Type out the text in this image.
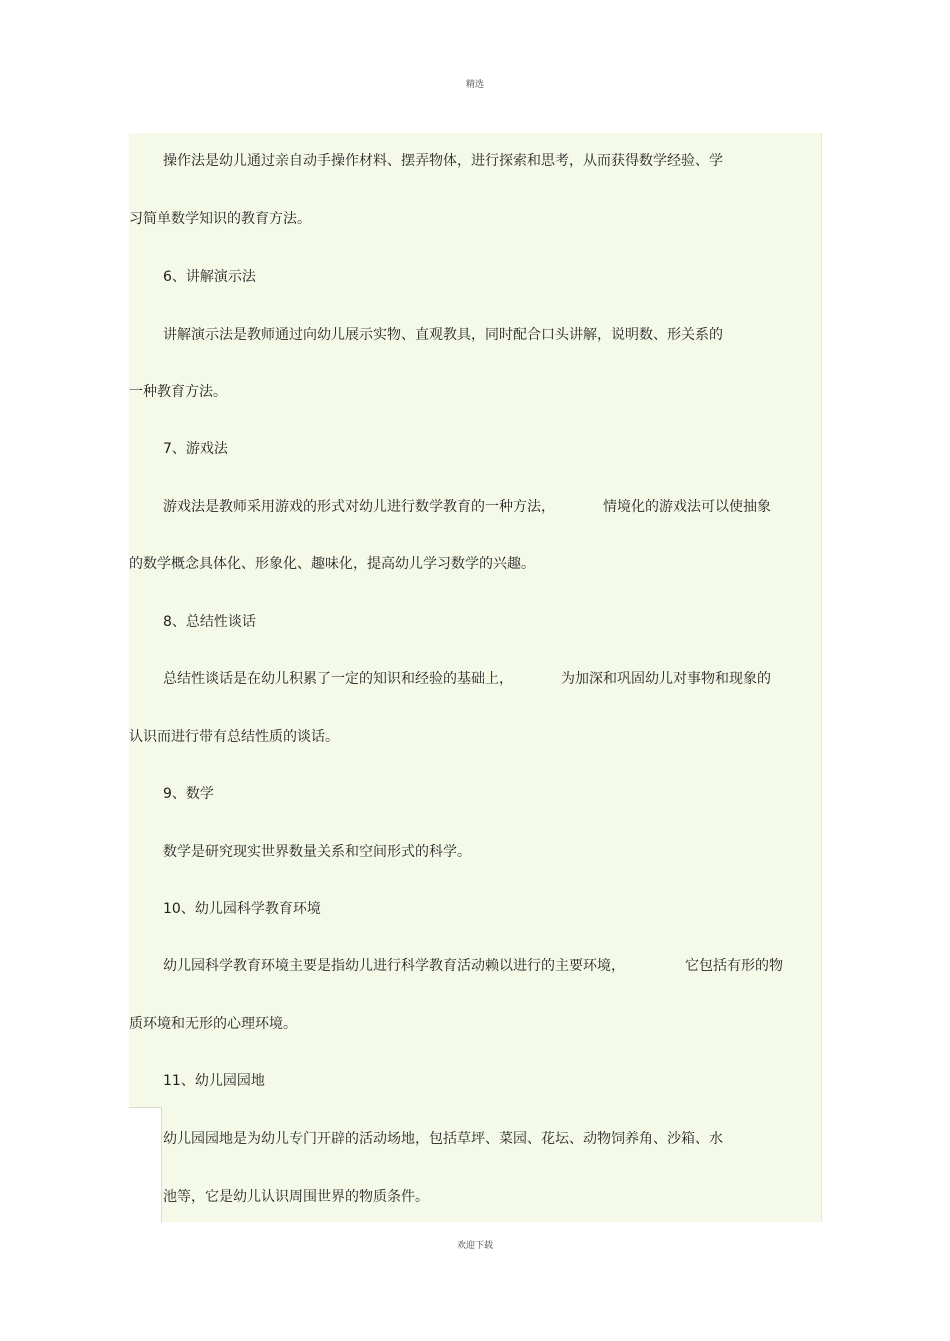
精选
操作法是幼儿通过亲自动手操作材料、摆弄物体，进行探索和思考，从而获得数学经验、学
习简单数学知识的教育方法。
6、讲解演示法
讲解演示法是教师通过向幼儿展示实物、直观教具，同时配合口头讲解，说明数、形关系的
一种教育方法。
7、游戏法
游戏法是教师采用游戏的形式对幼儿进行数学教育的一种方法，	情境化的游戏法可以使抽象
的数学概念具体化、形象化、趣味化，提高幼儿学习数学的兴趣。
8、总结性谈话
总结性谈话是在幼儿积累了一定的知识和经验的基础上，	为加深和巩固幼儿对事物和现象的
认识而进行带有总结性质的谈话。
9、数学
数学是研究现实世界数量关系和空间形式的科学。
10、幼儿园科学教育环境
幼儿园科学教育环境主要是指幼儿进行科学教育活动赖以进行的主要环境，	它包括有形的物
质环境和无形的心理环境。
11、幼儿园园地
幼儿园园地是为幼儿专门开辟的活动场地，包括草坪、菜园、花坛、动物饲养角、沙箱、水
池等，它是幼儿认识周围世界的物质条件。
欢迎下载
